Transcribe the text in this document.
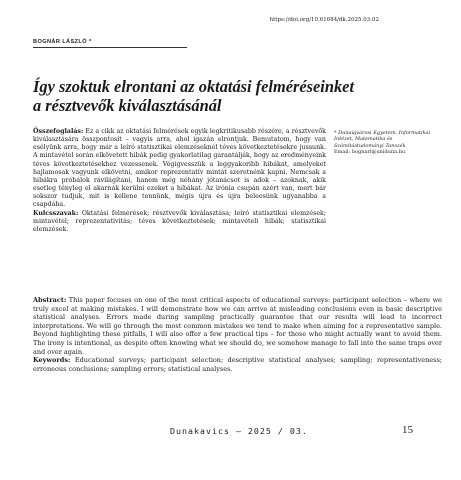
https://doi.org/10.61684/dk.2025.03.02
BOGNÁR LÁSZLÓ *
Így szoktuk elrontani az oktatási felméréseinket
a résztvevők kiválasztásánál

Összefoglalás: Ez a cikk az oktatási felmérések egyik legkritikusabb részére, a résztvevők kiválasztására összpontosít – vagyis arra, ahol igazán elrontjuk. Bemutatom, hogy van esélyünk arra, hogy már a leíró statisztikai elemzéseknél téves következtetésekre jussunk. A mintavétel során elkövetett hibák pedig gyakorlatilag garantálják, hogy az eredményeink téves következtetésekhez vezessenek. Végigvesszük a leggyakoribb hibákat, amelyeket hajlamosak vagyunk elkövetni, amikor reprezentatív mintát szeretnénk kapni. Nemcsak a hibákra próbálok rávilágítani, hanem még néhány jótanácsot is adok – azoknak, akik esetleg tényleg el akarnák kerülni ezeket a hibákat. Az irónia csupán azért van, mert bár sokszor tudjuk, mit is kellene tennünk, mégis újra és újra beleesünk ugyanabba a csapdába.

Kulcsszavak: Oktatási felmérések; résztvevők kiválasztása; leíró statisztikai elemzések; mintavétel; reprezentativitás; téves következtetések; mintavételi hibák; statisztikai elemzések.

* Dunaújvárosi Egyetem, Informatikai Intézet, Matematika és Számítástudományi Tanszék
Email: bognarl@uniduna.hu

Abstract: This paper focuses on one of the most critical aspects of educational surveys: participant selection – where we truly excel at making mistakes. I will demonstrate how we can arrive at misleading conclusions even in basic descriptive statistical analyses. Errors made during sampling practically guarantee that our results will lead to incorrect interpretations. We will go through the most common mistakes we tend to make when aiming for a representative sample. Beyond highlighting these pitfalls, I will also offer a few practical tips – for those who might actually want to avoid them. The irony is intentional, as despite often knowing what we should do, we somehow manage to fall into the same traps over and over again.

Keywords: Educational surveys; participant selection; descriptive statistical analyses; sampling; representativeness; erroneous conclusions; sampling errors; statistical analyses.

Dunakavics – 2025 / 03.	15
